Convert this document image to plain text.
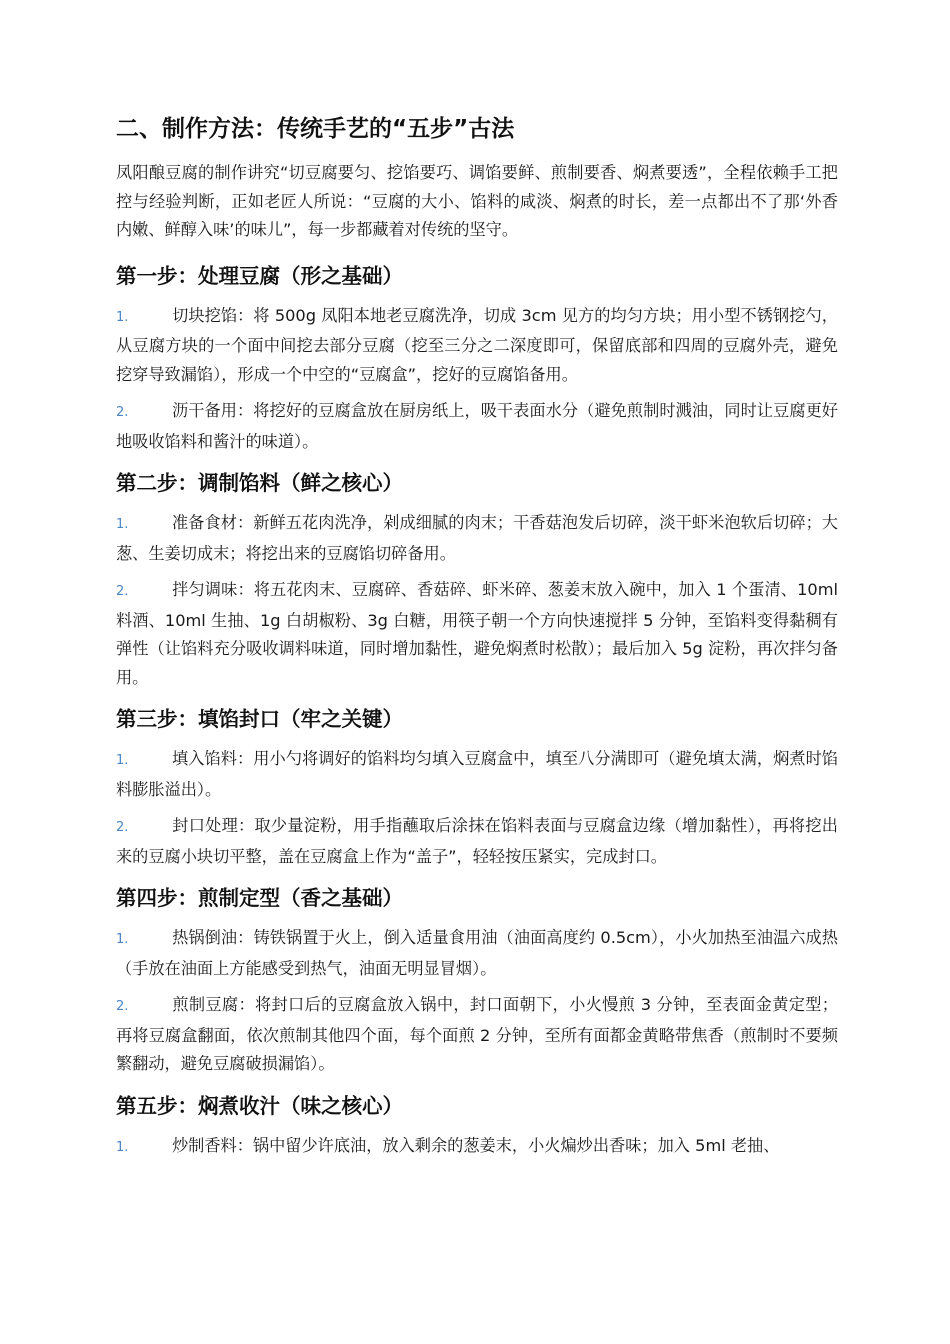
二、制作方法：传统手艺的“五步”古法

凤阳酿豆腐的制作讲究“切豆腐要匀、挖馅要巧、调馅要鲜、煎制要香、焖煮要透”，全程依赖手工把控与经验判断，正如老匠人所说：“豆腐的大小、馅料的咸淡、焖煮的时长，差一点都出不了那‘外香内嫩、鲜醇入味’的味儿”，每一步都藏着对传统的坚守。

第一步：处理豆腐（形之基础）

1.	切块挖馅：将 500g 凤阳本地老豆腐洗净，切成 3cm 见方的均匀方块；用小型不锈钢挖勺，从豆腐方块的一个面中间挖去部分豆腐（挖至三分之二深度即可，保留底部和四周的豆腐外壳，避免挖穿导致漏馅），形成一个中空的“豆腐盒”，挖好的豆腐馅备用。

2.	沥干备用：将挖好的豆腐盒放在厨房纸上，吸干表面水分（避免煎制时溅油，同时让豆腐更好地吸收馅料和酱汁的味道）。

第二步：调制馅料（鲜之核心）

1.	准备食材：新鲜五花肉洗净，剁成细腻的肉末；干香菇泡发后切碎，淡干虾米泡软后切碎；大葱、生姜切成末；将挖出来的豆腐馅切碎备用。

2.	拌匀调味：将五花肉末、豆腐碎、香菇碎、虾米碎、葱姜末放入碗中，加入 1 个蛋清、10ml 料酒、10ml 生抽、1g 白胡椒粉、3g 白糖，用筷子朝一个方向快速搅拌 5 分钟，至馅料变得黏稠有弹性（让馅料充分吸收调料味道，同时增加黏性，避免焖煮时松散）；最后加入 5g 淀粉，再次拌匀备用。

第三步：填馅封口（牢之关键）

1.	填入馅料：用小勺将调好的馅料均匀填入豆腐盒中，填至八分满即可（避免填太满，焖煮时馅料膨胀溢出）。

2.	封口处理：取少量淀粉，用手指蘸取后涂抹在馅料表面与豆腐盒边缘（增加黏性），再将挖出来的豆腐小块切平整，盖在豆腐盒上作为“盖子”，轻轻按压紧实，完成封口。

第四步：煎制定型（香之基础）

1.	热锅倒油：铸铁锅置于火上，倒入适量食用油（油面高度约 0.5cm），小火加热至油温六成热（手放在油面上方能感受到热气，油面无明显冒烟）。

2.	煎制豆腐：将封口后的豆腐盒放入锅中，封口面朝下，小火慢煎 3 分钟，至表面金黄定型；再将豆腐盒翻面，依次煎制其他四个面，每个面煎 2 分钟，至所有面都金黄略带焦香（煎制时不要频繁翻动，避免豆腐破损漏馅）。

第五步：焖煮收汁（味之核心）

1.	炒制香料：锅中留少许底油，放入剩余的葱姜末，小火煸炒出香味；加入 5ml 老抽、
